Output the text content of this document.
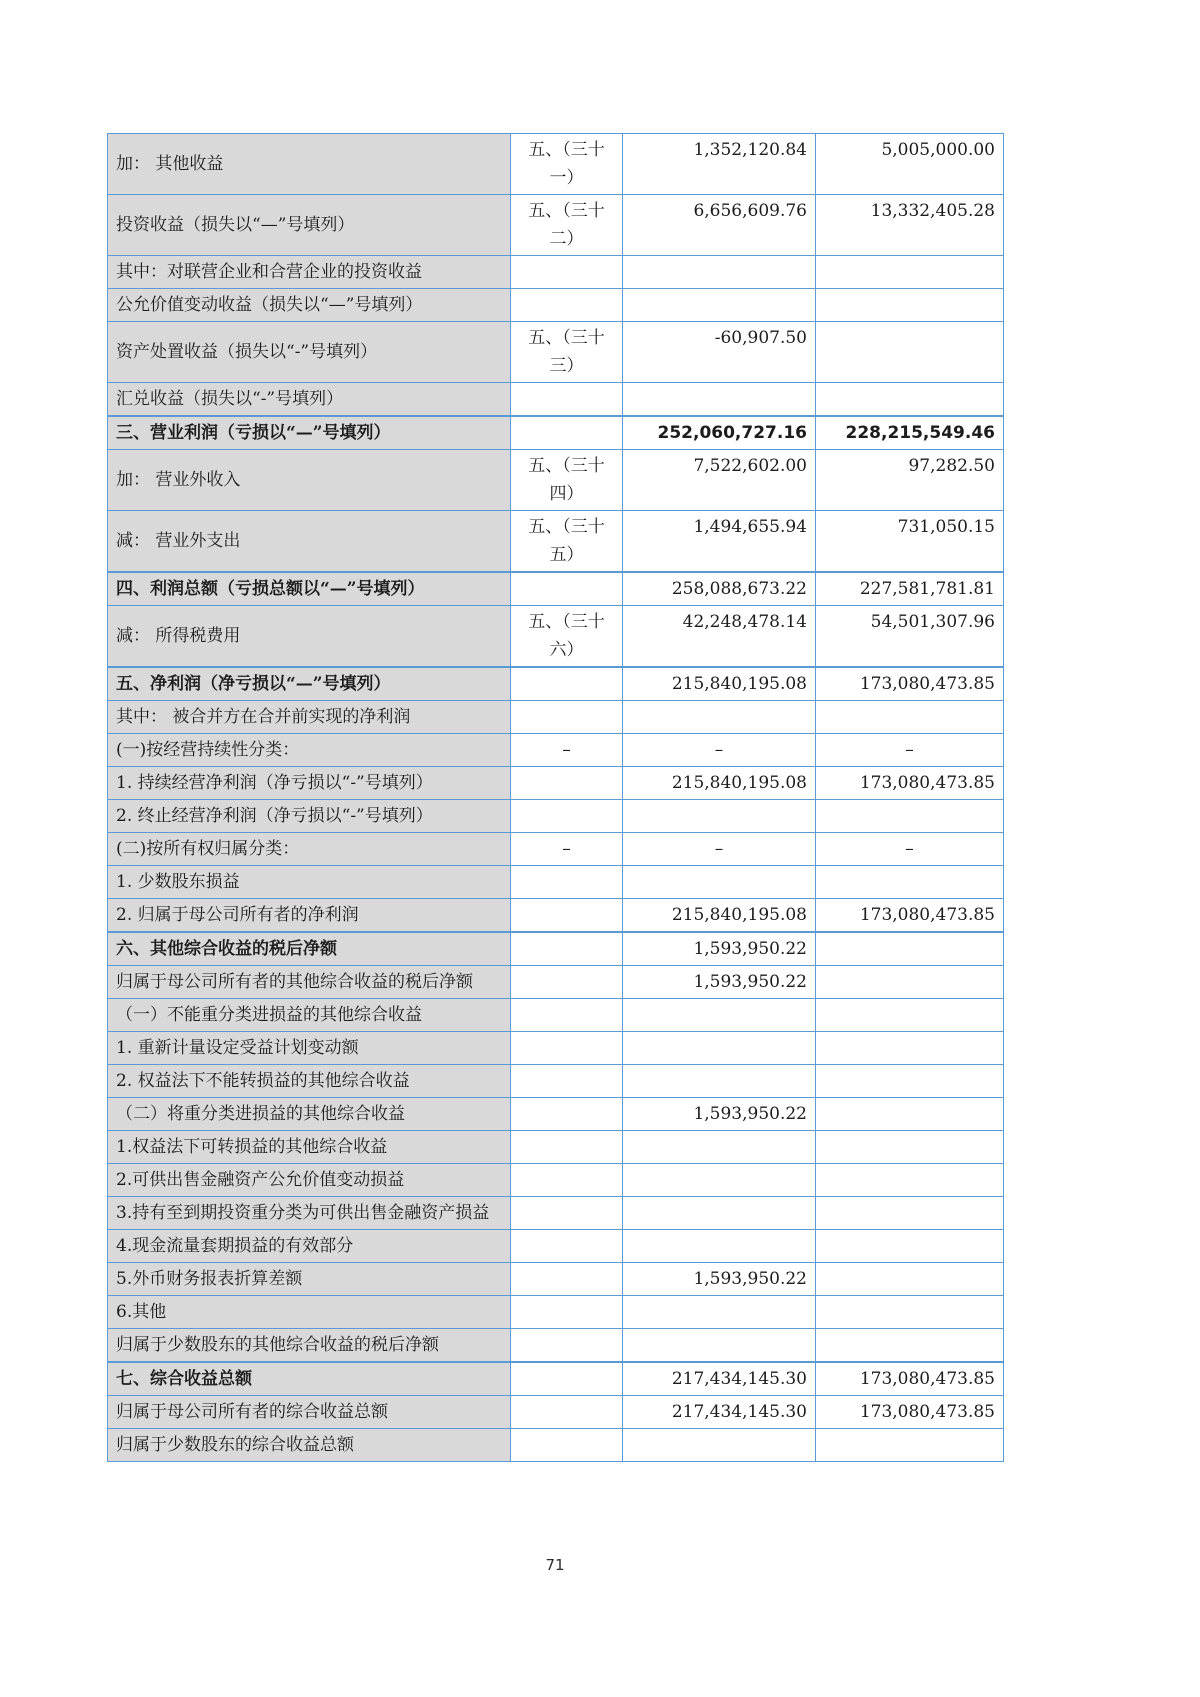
加： 其他收益	五、（三十一）	1,352,120.84	5,005,000.00
投资收益（损失以“—”号填列）	五、（三十二）	6,656,609.76	13,332,405.28
其中：对联营企业和合营企业的投资收益			
公允价值变动收益（损失以“—”号填列）			
资产处置收益（损失以“-”号填列）	五、（三十三）	-60,907.50	
汇兑收益（损失以“-”号填列）			
三、营业利润（亏损以“—”号填列）		252,060,727.16	228,215,549.46
加： 营业外收入	五、（三十四）	7,522,602.00	97,282.50
减： 营业外支出	五、（三十五）	1,494,655.94	731,050.15
四、利润总额（亏损总额以“—”号填列）		258,088,673.22	227,581,781.81
减： 所得税费用	五、（三十六）	42,248,478.14	54,501,307.96
五、净利润（净亏损以“—”号填列）		215,840,195.08	173,080,473.85
其中： 被合并方在合并前实现的净利润			
(一)按经营持续性分类：	–	–	–
1. 持续经营净利润（净亏损以“-”号填列）		215,840,195.08	173,080,473.85
2. 终止经营净利润（净亏损以“-”号填列）			
(二)按所有权归属分类：	–	–	–
1. 少数股东损益			
2. 归属于母公司所有者的净利润		215,840,195.08	173,080,473.85
六、其他综合收益的税后净额		1,593,950.22	
归属于母公司所有者的其他综合收益的税后净额		1,593,950.22	
（一）不能重分类进损益的其他综合收益			
1. 重新计量设定受益计划变动额			
2. 权益法下不能转损益的其他综合收益			
（二）将重分类进损益的其他综合收益		1,593,950.22	
1.权益法下可转损益的其他综合收益			
2.可供出售金融资产公允价值变动损益			
3.持有至到期投资重分类为可供出售金融资产损益			
4.现金流量套期损益的有效部分			
5.外币财务报表折算差额		1,593,950.22	
6.其他			
归属于少数股东的其他综合收益的税后净额			
七、综合收益总额		217,434,145.30	173,080,473.85
归属于母公司所有者的综合收益总额		217,434,145.30	173,080,473.85
归属于少数股东的综合收益总额			
71
